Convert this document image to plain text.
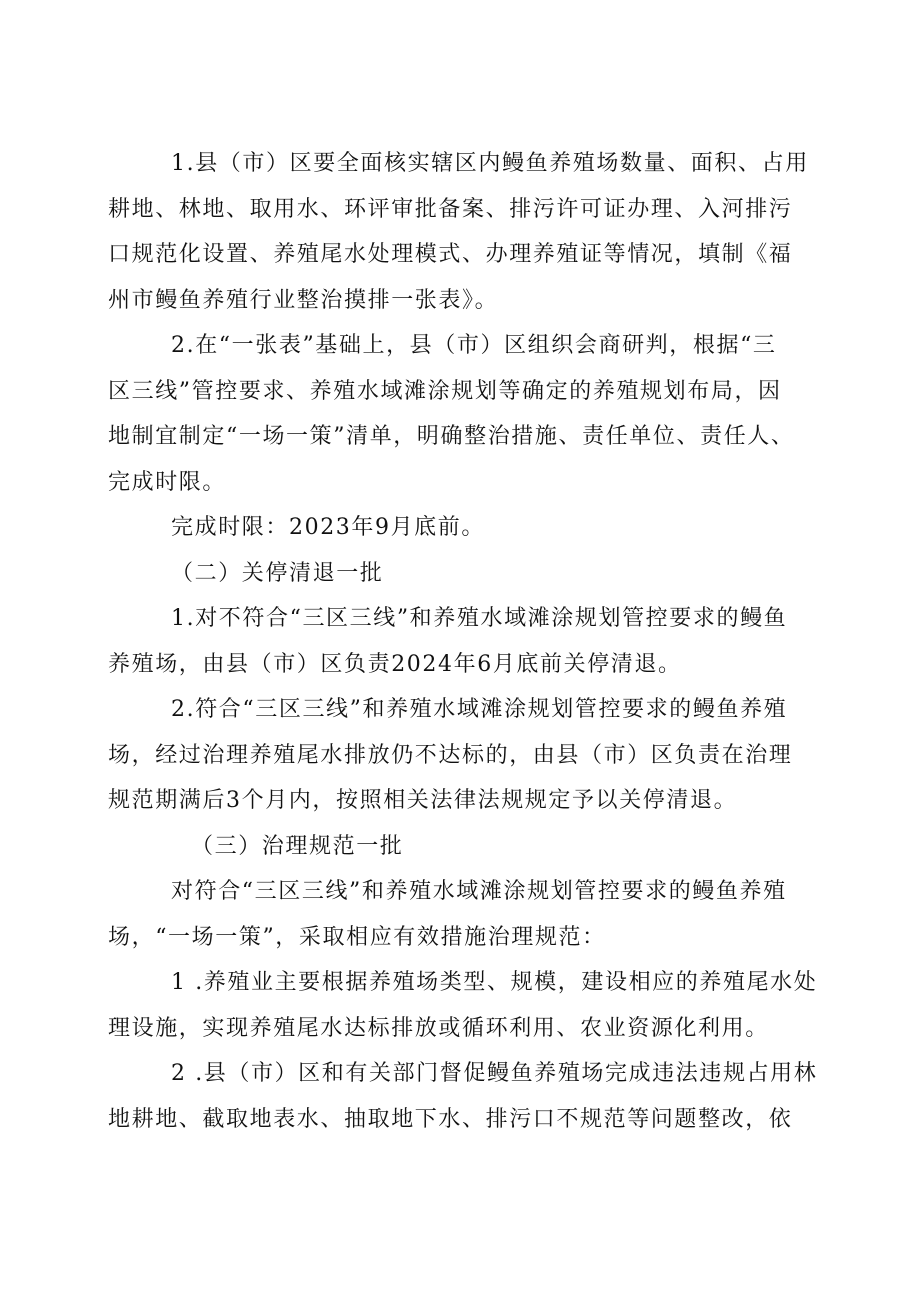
1.县（市）区要全面核实辖区内鳗鱼养殖场数量、面积、占用

耕地、林地、取用水、环评审批备案、排污许可证办理、入河排污

口规范化设置、养殖尾水处理模式、办理养殖证等情况，填制《福

州市鳗鱼养殖行业整治摸排一张表》。

2.在“一张表”基础上，县（市）区组织会商研判，根据“三

区三线”管控要求、养殖水域滩涂规划等确定的养殖规划布局，因

地制宜制定“一场一策”清单，明确整治措施、责任单位、责任人、

完成时限。

完成时限：2023年9月底前。

（二）关停清退一批

1.对不符合“三区三线”和养殖水域滩涂规划管控要求的鳗鱼

养殖场，由县（市）区负责2024年6月底前关停清退。

2.符合“三区三线”和养殖水域滩涂规划管控要求的鳗鱼养殖

场，经过治理养殖尾水排放仍不达标的，由县（市）区负责在治理

规范期满后3个月内，按照相关法律法规规定予以关停清退。

（三）治理规范一批

对符合“三区三线”和养殖水域滩涂规划管控要求的鳗鱼养殖

场，“一场一策”，采取相应有效措施治理规范：

1 .养殖业主要根据养殖场类型、规模，建设相应的养殖尾水处

理设施，实现养殖尾水达标排放或循环利用、农业资源化利用。

2 .县（市）区和有关部门督促鳗鱼养殖场完成违法违规占用林

地耕地、截取地表水、抽取地下水、排污口不规范等问题整改，依
